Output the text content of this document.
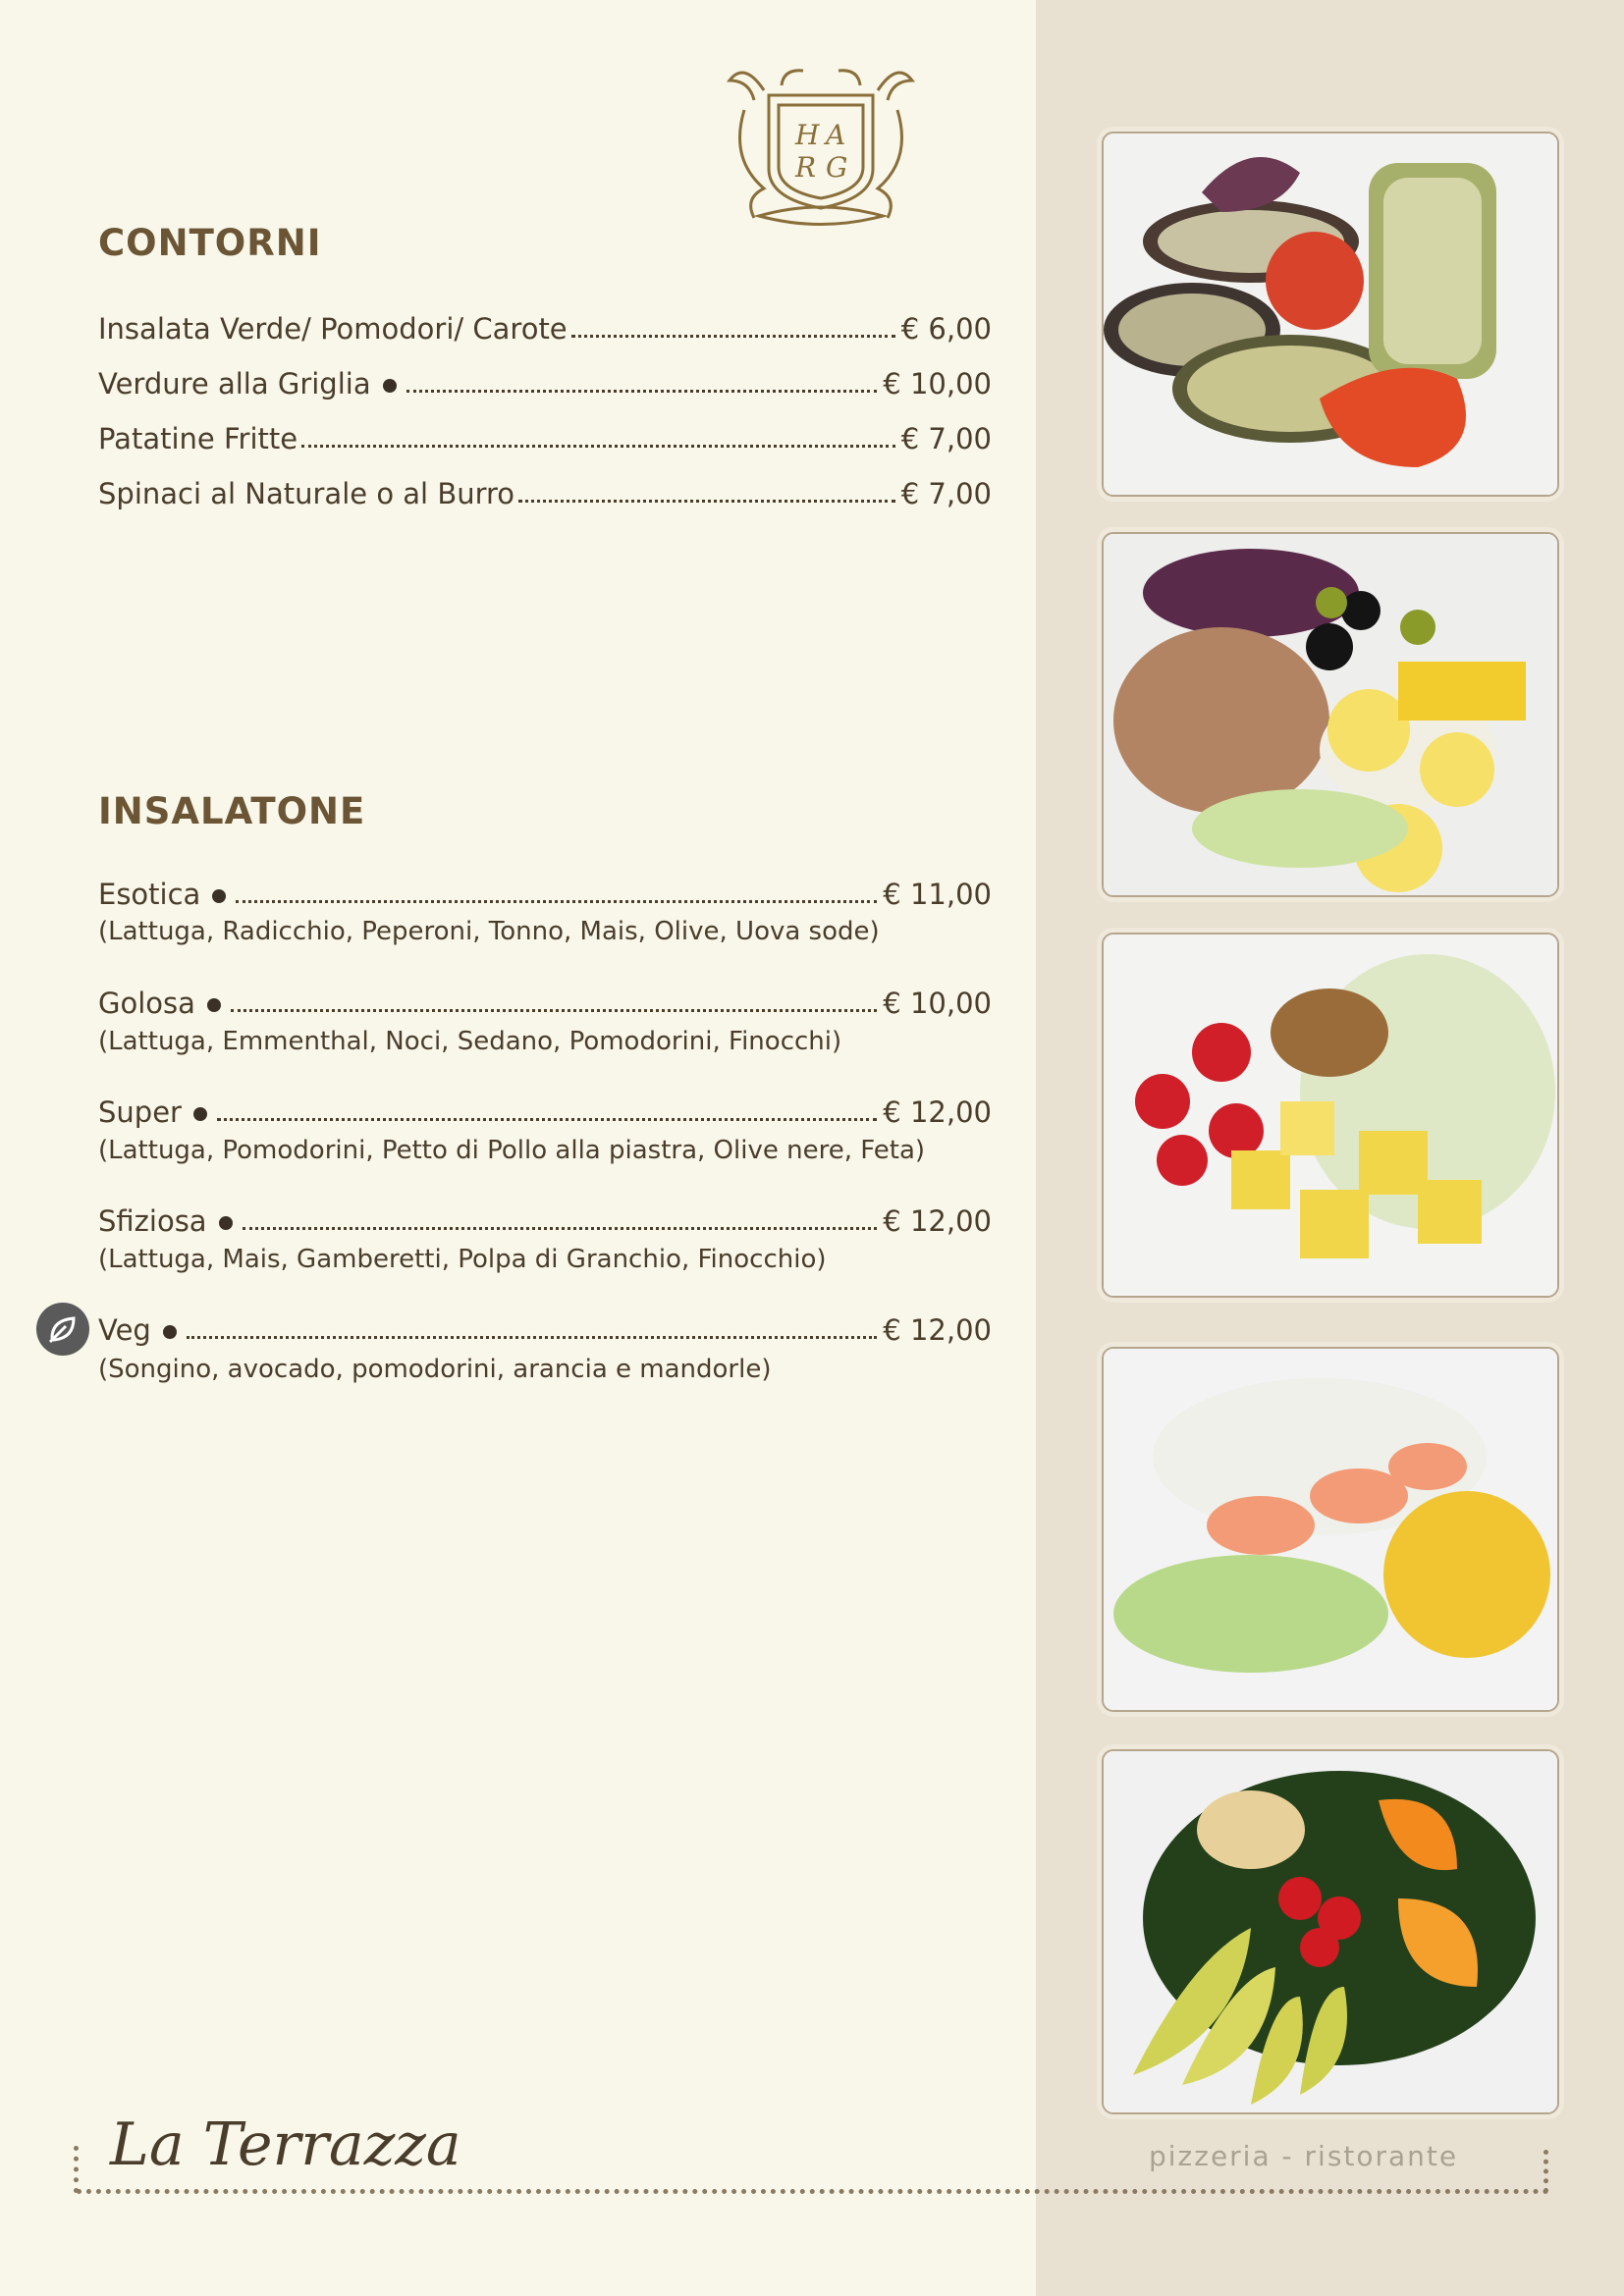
H A
R G
CONTORNI
Insalata Verde/ Pomodori/ Carote	€ 6,00
Verdure alla Griglia	€ 10,00
Patatine Fritte	€ 7,00
Spinaci al Naturale o al Burro	€ 7,00
INSALATONE
Esotica	€ 11,00
(Lattuga, Radicchio, Peperoni, Tonno, Mais, Olive, Uova sode)
Golosa	€ 10,00
(Lattuga, Emmenthal, Noci, Sedano, Pomodorini, Finocchi)
Super	€ 12,00
(Lattuga, Pomodorini, Petto di Pollo alla piastra, Olive nere, Feta)
Sfiziosa	€ 12,00
(Lattuga, Mais, Gamberetti, Polpa di Granchio, Finocchio)
Veg	€ 12,00
(Songino, avocado, pomodorini, arancia e mandorle)
La Terrazza	pizzeria - ristorante
